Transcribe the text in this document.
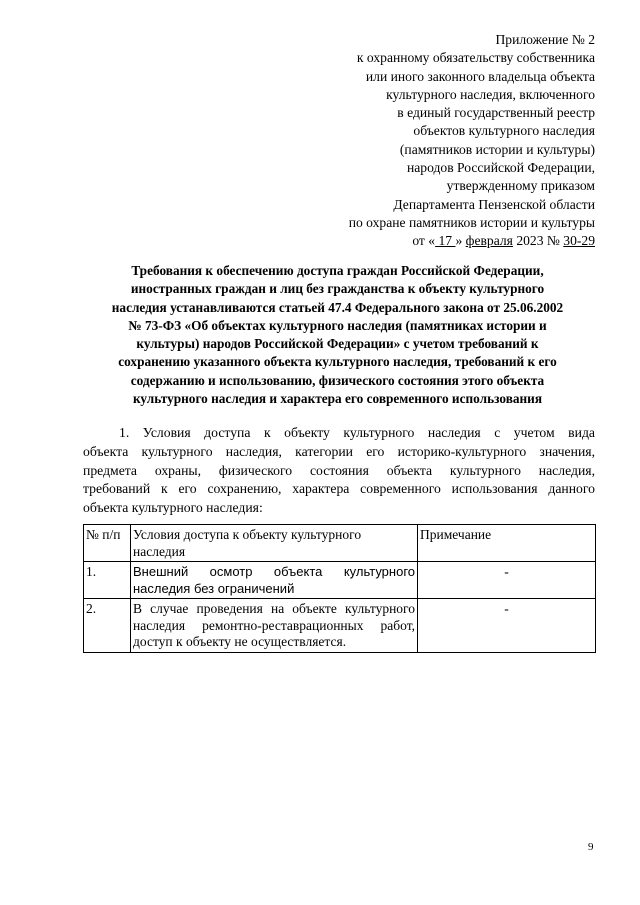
Приложение № 2
к охранному обязательству собственника
или иного законного владельца объекта
культурного наследия, включенного
в единый государственный реестр
объектов культурного наследия
(памятников истории и культуры)
народов Российской Федерации,
утвержденному приказом
Департамента Пензенской области
по охране памятников истории и культуры
от « 17 » февраля 2023 № 30-29
Требования к обеспечению доступа граждан Российской Федерации,
иностранных граждан и лиц без гражданства к объекту культурного
наследия устанавливаются статьей 47.4 Федерального закона от 25.06.2002
№ 73-ФЗ «Об объектах культурного наследия (памятниках истории и
культуры) народов Российской Федерации» с учетом требований к
сохранению указанного объекта культурного наследия, требований к его
содержанию и использованию, физического состояния этого объекта
культурного наследия и характера его современного использования
1. Условия доступа к объекту культурного наследия с учетом вида
объекта культурного наследия, категории его историко-культурного значения,
предмета охраны, физического состояния объекта культурного наследия,
требований к его сохранению, характера современного использования данного
объекта культурного наследия:
№ п/п	Условия доступа к объекту культурного наследия	Примечание
1.	Внешний осмотр объекта культурного наследия без ограничений	-
2.	В случае проведения на объекте культурного наследия ремонтно-реставрационных работ, доступ к объекту не осуществляется.	-
9
